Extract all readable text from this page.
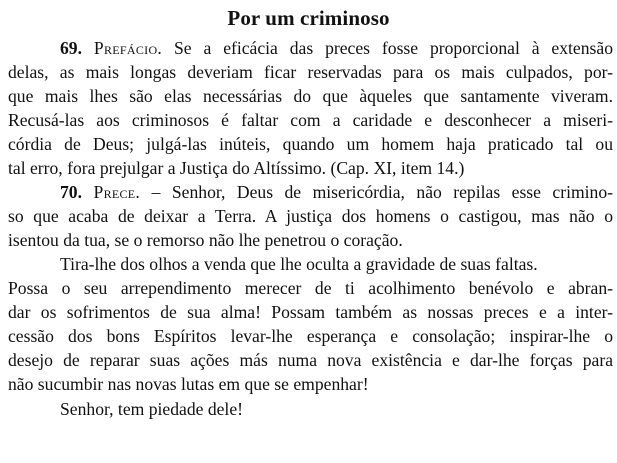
Por um criminoso
69. Prefácio. Se a eficácia das preces fosse proporcional à extensão
delas, as mais longas deveriam ficar reservadas para os mais culpados, por-
que mais lhes são elas necessárias do que àqueles que santamente viveram.
Recusá-las aos criminosos é faltar com a caridade e desconhecer a miseri-
córdia de Deus; julgá-las inúteis, quando um homem haja praticado tal ou
tal erro, fora prejulgar a Justiça do Altíssimo. (Cap. XI, item 14.)
70. Prece. – Senhor, Deus de misericórdia, não repilas esse crimino-
so que acaba de deixar a Terra. A justiça dos homens o castigou, mas não o
isentou da tua, se o remorso não lhe penetrou o coração.
Tira-lhe dos olhos a venda que lhe oculta a gravidade de suas faltas.
Possa o seu arrependimento merecer de ti acolhimento benévolo e abran-
dar os sofrimentos de sua alma! Possam também as nossas preces e a inter-
cessão dos bons Espíritos levar-lhe esperança e consolação; inspirar-lhe o
desejo de reparar suas ações más numa nova existência e dar-lhe forças para
não sucumbir nas novas lutas em que se empenhar!
Senhor, tem piedade dele!
